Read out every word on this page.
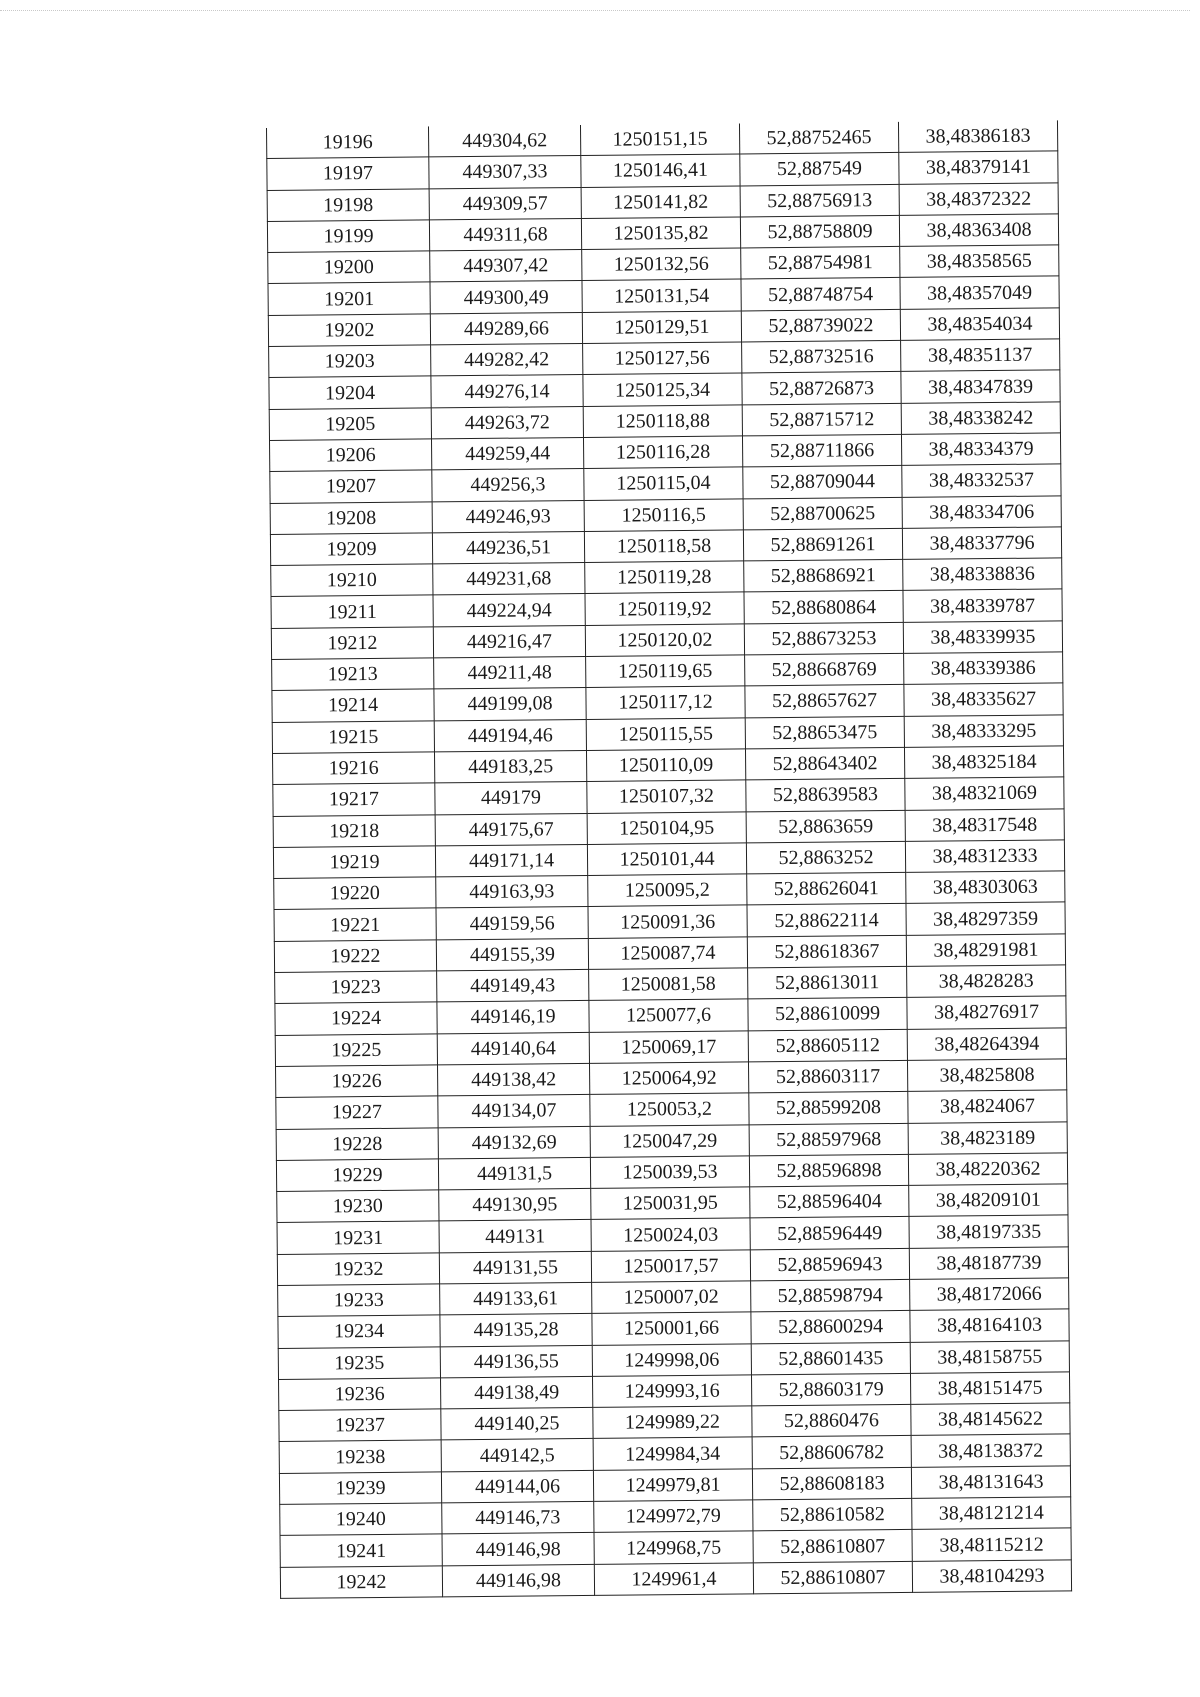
19196	449304,62	1250151,15	52,88752465	38,48386183
19197	449307,33	1250146,41	52,887549	38,48379141
19198	449309,57	1250141,82	52,88756913	38,48372322
19199	449311,68	1250135,82	52,88758809	38,48363408
19200	449307,42	1250132,56	52,88754981	38,48358565
19201	449300,49	1250131,54	52,88748754	38,48357049
19202	449289,66	1250129,51	52,88739022	38,48354034
19203	449282,42	1250127,56	52,88732516	38,48351137
19204	449276,14	1250125,34	52,88726873	38,48347839
19205	449263,72	1250118,88	52,88715712	38,48338242
19206	449259,44	1250116,28	52,88711866	38,48334379
19207	449256,3	1250115,04	52,88709044	38,48332537
19208	449246,93	1250116,5	52,88700625	38,48334706
19209	449236,51	1250118,58	52,88691261	38,48337796
19210	449231,68	1250119,28	52,88686921	38,48338836
19211	449224,94	1250119,92	52,88680864	38,48339787
19212	449216,47	1250120,02	52,88673253	38,48339935
19213	449211,48	1250119,65	52,88668769	38,48339386
19214	449199,08	1250117,12	52,88657627	38,48335627
19215	449194,46	1250115,55	52,88653475	38,48333295
19216	449183,25	1250110,09	52,88643402	38,48325184
19217	449179	1250107,32	52,88639583	38,48321069
19218	449175,67	1250104,95	52,8863659	38,48317548
19219	449171,14	1250101,44	52,8863252	38,48312333
19220	449163,93	1250095,2	52,88626041	38,48303063
19221	449159,56	1250091,36	52,88622114	38,48297359
19222	449155,39	1250087,74	52,88618367	38,48291981
19223	449149,43	1250081,58	52,88613011	38,4828283
19224	449146,19	1250077,6	52,88610099	38,48276917
19225	449140,64	1250069,17	52,88605112	38,48264394
19226	449138,42	1250064,92	52,88603117	38,4825808
19227	449134,07	1250053,2	52,88599208	38,4824067
19228	449132,69	1250047,29	52,88597968	38,4823189
19229	449131,5	1250039,53	52,88596898	38,48220362
19230	449130,95	1250031,95	52,88596404	38,48209101
19231	449131	1250024,03	52,88596449	38,48197335
19232	449131,55	1250017,57	52,88596943	38,48187739
19233	449133,61	1250007,02	52,88598794	38,48172066
19234	449135,28	1250001,66	52,88600294	38,48164103
19235	449136,55	1249998,06	52,88601435	38,48158755
19236	449138,49	1249993,16	52,88603179	38,48151475
19237	449140,25	1249989,22	52,8860476	38,48145622
19238	449142,5	1249984,34	52,88606782	38,48138372
19239	449144,06	1249979,81	52,88608183	38,48131643
19240	449146,73	1249972,79	52,88610582	38,48121214
19241	449146,98	1249968,75	52,88610807	38,48115212
19242	449146,98	1249961,4	52,88610807	38,48104293
